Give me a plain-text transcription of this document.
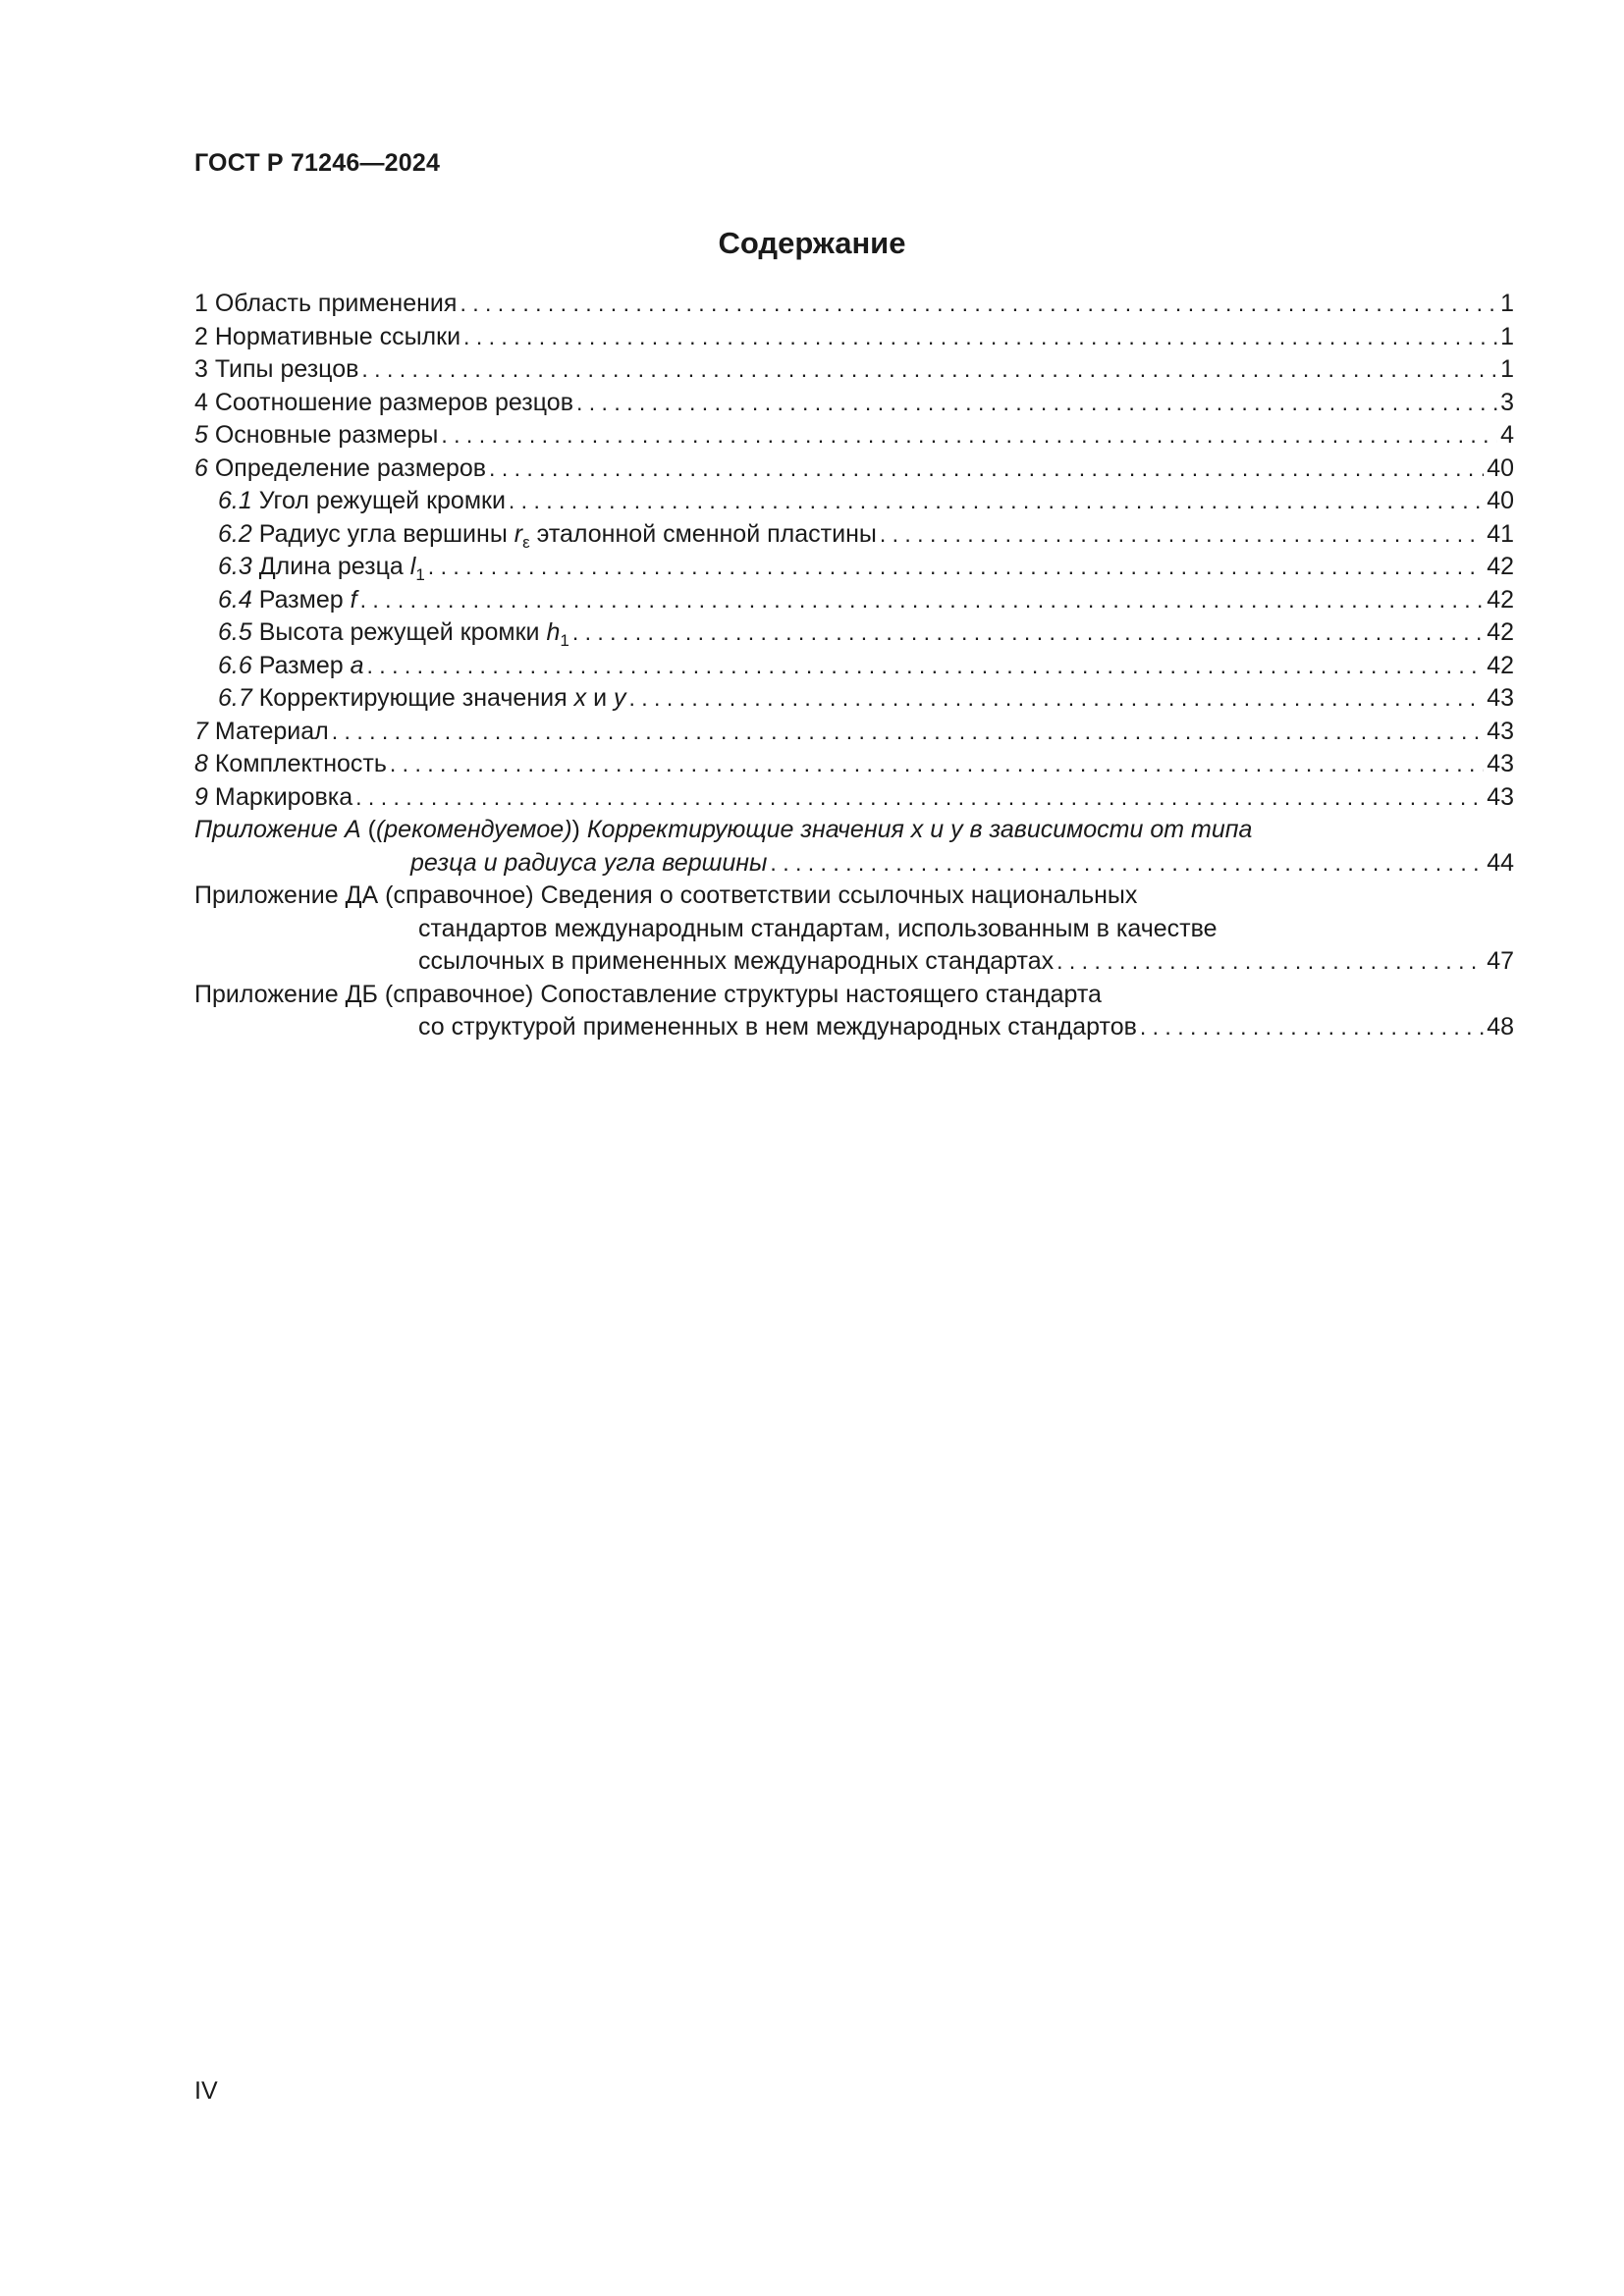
ГОСТ Р 71246—2024
Содержание
1 Область применения . . .	1
2 Нормативные ссылки . . .	1
3 Типы резцов . . .	1
4 Соотношение размеров резцов . . .	3
5 Основные размеры . . .	4
6 Определение размеров . . .	40
6.1 Угол режущей кромки . . .	40
6.2 Радиус угла вершины $r_\varepsilon$ эталонной сменной пластины . . .	41
6.3 Длина резца $l_1$ . . .	42
6.4 Размер f . . .	42
6.5 Высота режущей кромки $h_1$ . . .	42
6.6 Размер a . . .	42
6.7 Корректирующие значения x и y . . .	43
7 Материал . . .	43
8 Комплектность . . .	43
9 Маркировка . . .	43
Приложение А ((рекомендуемое)) Корректирующие значения x и y в зависимости от типа
резца и радиуса угла вершины . . .	44
Приложение ДА (справочное) Сведения о соответствии ссылочных национальных
стандартов международным стандартам, использованным в качестве
ссылочных в примененных международных стандартах . . .	47
Приложение ДБ (справочное) Сопоставление структуры настоящего стандарта
со структурой примененных в нем международных стандартов . . .	48
IV
